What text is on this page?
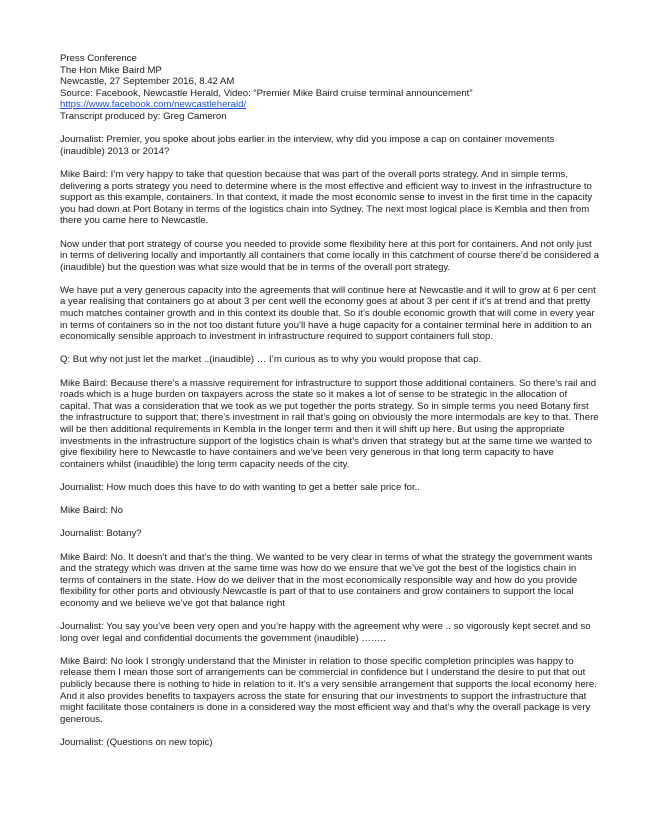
Press Conference

The Hon Mike Baird MP

Newcastle, 27 September 2016, 8.42 AM

Source: Facebook, Newcastle Herald, Video: “Premier Mike Baird cruise terminal announcement”

https://www.facebook.com/newcastleherald/

Transcript produced by: Greg Cameron

Journalist: Premier, you spoke about jobs earlier in the interview, why did you impose a cap on container movements (inaudible) 2013 or 2014?
Mike Baird: I’m very happy to take that question because that was part of the overall ports strategy. And in simple terms, delivering a ports strategy you need to determine where is the most effective and efficient way to invest in the infrastructure to support as this example, containers. In that context, it made the most economic sense to invest in the first time in the capacity you had down at Port Botany in terms of the logistics chain into Sydney. The next most logical place is Kembla and then from there you came here to Newcastle.
Now under that port strategy of course you needed to provide some flexibility here at this port for containers. And not only just in terms of delivering locally and importantly all containers that come locally in this catchment of course there’d be considered a (inaudible) but the question was what size would that be in terms of the overall port strategy.
We have put a very generous capacity into the agreements that will continue here at Newcastle and it will to grow at 6 per cent a year realising that containers go at about 3 per cent well the economy goes at about 3 per cent if it’s at trend and that pretty much matches container growth and in this context its double that. So it’s double economic growth that will come in every year in terms of containers so in the not too distant future you’ll have a huge capacity for a container terminal here in addition to an economically sensible approach to investment in infrastructure required to support containers full stop.
Q: But why not just let the market ..(inaudible) … I’m curious as to why you would propose that cap.
Mike Baird: Because there’s a massive requirement for infrastructure to support those additional containers. So there’s rail and roads which is a huge burden on taxpayers across the state so it makes a lot of sense to be strategic in the allocation of capital. That was a consideration that we took as we put together the ports strategy. So in simple terms you need Botany first the infrastructure to support that; there’s investment in rail that’s going on obviously the more intermodals are key to that. There will be then additional requirements in Kembla in the longer term and then it will shift up here. But using the appropriate investments in the infrastructure support of the logistics chain is what’s driven that strategy but at the same time we wanted to give flexibility here to Newcastle to have containers and we’ve been very generous in that long term capacity to have containers whilst (inaudible) the long term capacity needs of the city.
Journalist: How much does this have to do with wanting to get a better sale price for..
Mike Baird: No
Journalist: Botany?
Mike Baird: No. It doesn’t and that’s the thing. We wanted to be very clear in terms of what the strategy the government wants and the strategy which was driven at the same time was how do we ensure that we’ve got the best of the logistics chain in terms of containers in the state. How do we deliver that in the most economically responsible way and how do you provide flexibility for other ports and obviously Newcastle is part of that to use containers and grow containers to support the local economy and we believe we’ve got that balance right
Journalist: You say you’ve been very open and you’re happy with the agreement why were .. so vigorously kept secret and so long over legal and confidential documents the government (inaudible) ……..
Mike Baird: No look I strongly understand that the Minister in relation to those specific completion principles was happy to release them I mean those sort of arrangements can be commercial in confidence but I understand the desire to put that out publicly because there is nothing to hide in relation to it. It’s a very sensible arrangement that supports the local economy here. And it also provides benefits to taxpayers across the state for ensuring that our investments to support the infrastructure that might facilitate those containers is done in a considered way the most efficient way and that’s why the overall package is very generous.
Journalist: (Questions on new topic)
